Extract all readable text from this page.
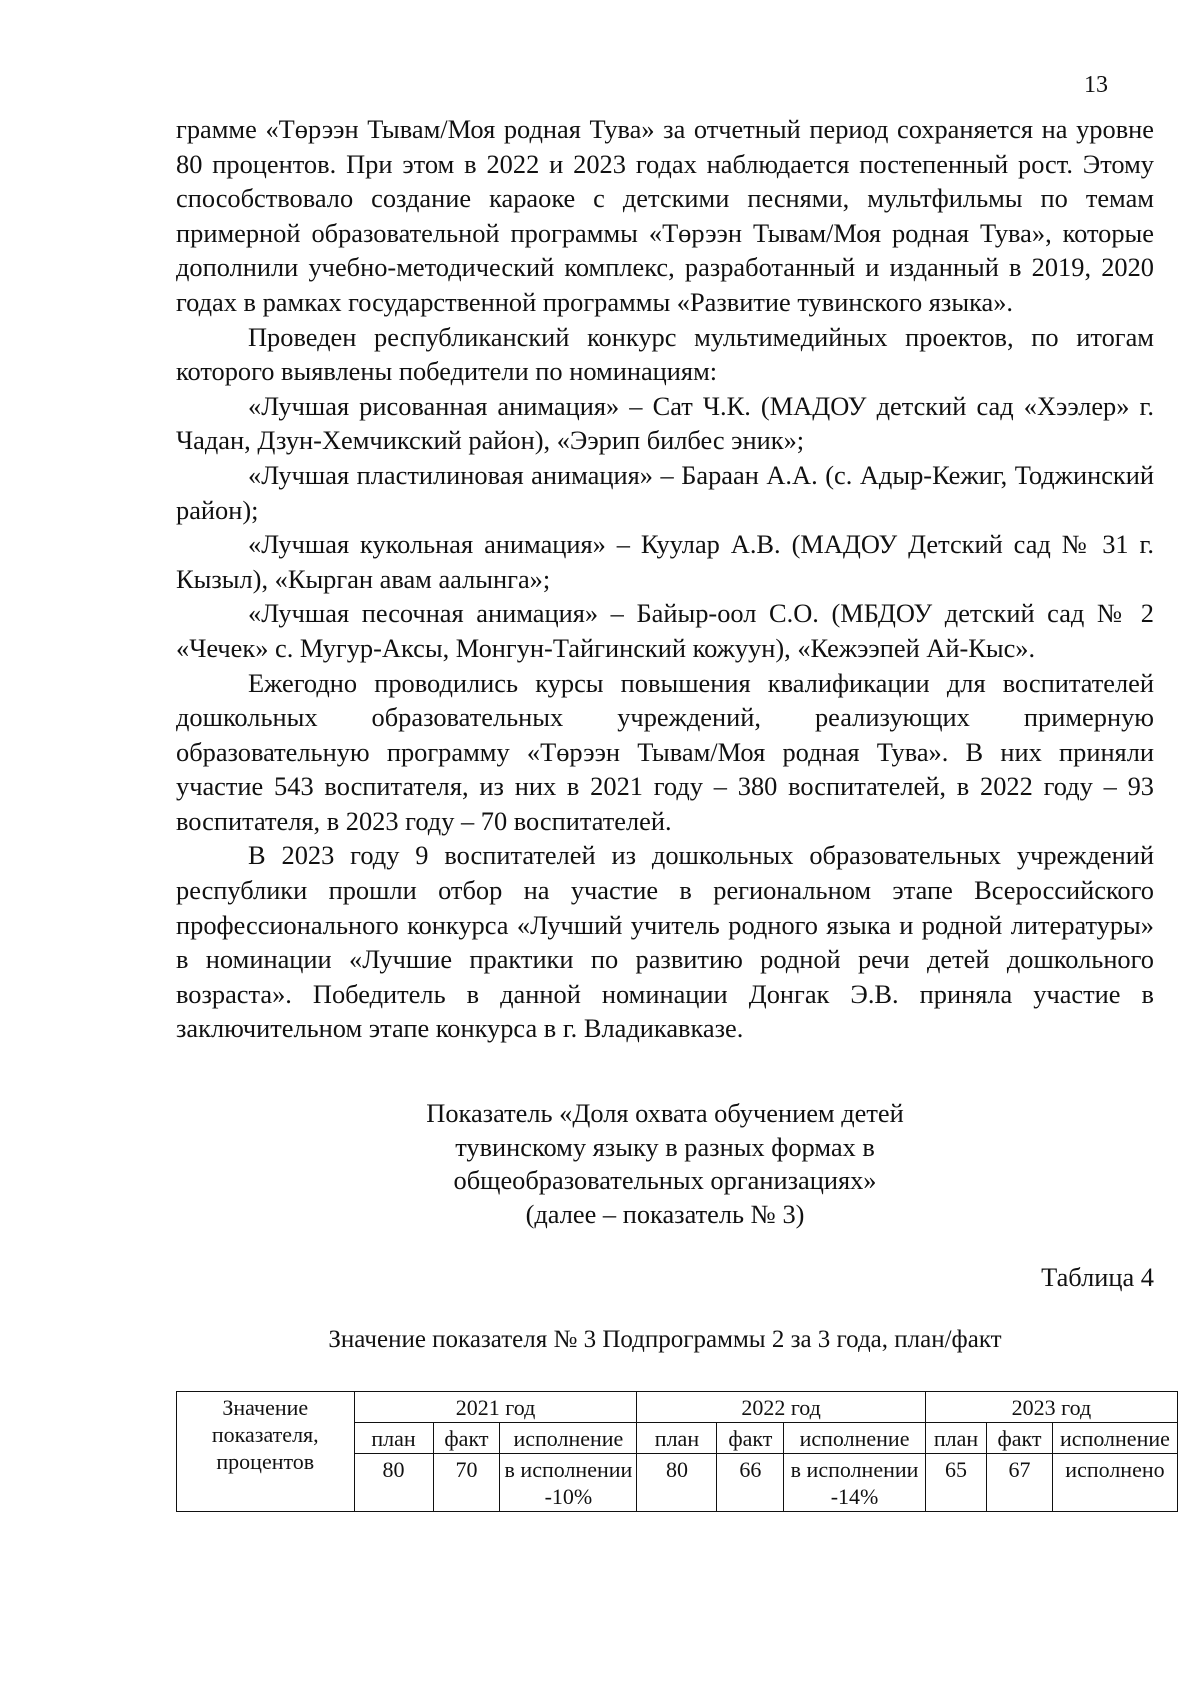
13

грамме «Төрээн Тывам/Моя родная Тува» за отчетный период сохраняется на уровне 80 процентов. При этом в 2022 и 2023 годах наблюдается постепенный рост. Этому способствовало создание караоке с детскими песнями, мультфильмы по темам примерной образовательной программы «Төрээн Тывам/Моя родная Тува», которые дополнили учебно-методический комплекс, разработанный и изданный в 2019, 2020 годах в рамках государственной программы «Развитие тувинского языка».

Проведен республиканский конкурс мультимедийных проектов, по итогам которого выявлены победители по номинациям:

«Лучшая рисованная анимация» – Сат Ч.К. (МАДОУ детский сад «Хээлер» г. Чадан, Дзун-Хемчикский район), «Ээрип билбес эник»;

«Лучшая пластилиновая анимация» – Бараан А.А. (с. Адыр-Кежиг, Тоджинский район);

«Лучшая кукольная анимация» – Куулар А.В. (МАДОУ Детский сад № 31 г. Кызыл), «Кырган авам аалынга»;

«Лучшая песочная анимация» – Байыр-оол С.О. (МБДОУ детский сад № 2 «Чечек» с. Мугур-Аксы, Монгун-Тайгинский кожуун), «Кежээпей Ай-Кыс».

Ежегодно проводились курсы повышения квалификации для воспитателей дошкольных образовательных учреждений, реализующих примерную образовательную программу «Төрээн Тывам/Моя родная Тува». В них приняли участие 543 воспитателя, из них в 2021 году – 380 воспитателей, в 2022 году – 93 воспитателя, в 2023 году – 70 воспитателей.

В 2023 году 9 воспитателей из дошкольных образовательных учреждений республики прошли отбор на участие в региональном этапе Всероссийского профессионального конкурса «Лучший учитель родного языка и родной литературы» в номинации «Лучшие практики по развитию родной речи детей дошкольного возраста». Победитель в данной номинации Донгак Э.В. приняла участие в заключительном этапе конкурса в г. Владикавказе.

Показатель «Доля охвата обучением детей
тувинскому языку в разных формах в
общеобразовательных организациях»
(далее – показатель № 3)
Таблица 4
Значение показателя № 3 Подпрограммы 2 за 3 года, план/факт
Значение показателя, процентов	2021 год			2022 год			2023 год		
	план	факт	исполнение	план	факт	исполнение	план	факт	исполнение
	80	70	в исполнении -10%	80	66	в исполнении -14%	65	67	исполнено
